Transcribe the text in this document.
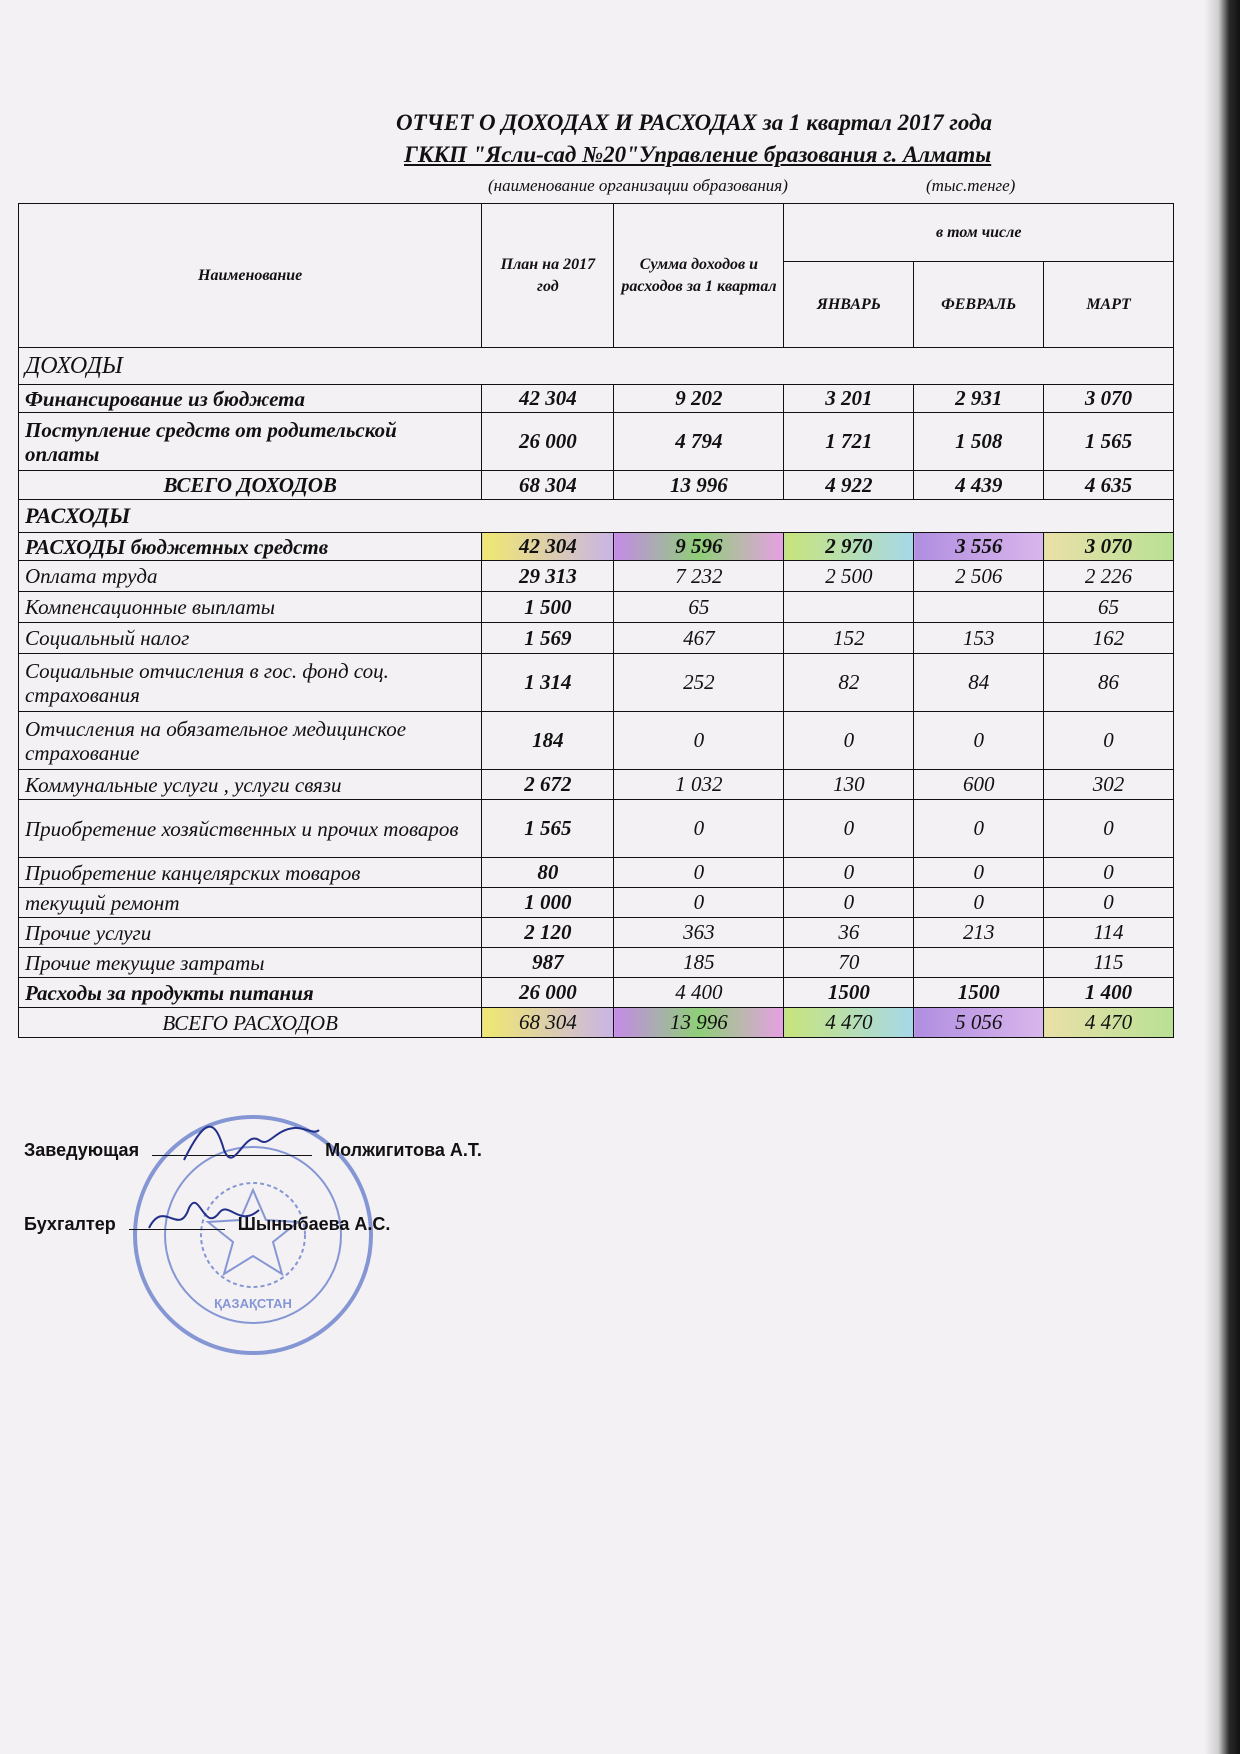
ОТЧЕТ О ДОХОДАХ И РАСХОДАХ за 1 квартал 2017 года
ГККП "Ясли-сад №20"Управление бразования г. Алматы
(наименование организации образования)	(тыс.тенге)
Наименование	План на 2017 год	Сумма доходов и расходов за 1 квартал	в том числе		
			ЯНВАРЬ	ФЕВРАЛЬ	МАРТ
ДОХОДЫ					
Финансирование из бюджета	42 304	9 202	3 201	2 931	3 070
Поступление средств от родительской оплаты	26 000	4 794	1 721	1 508	1 565
ВСЕГО ДОХОДОВ	68 304	13 996	4 922	4 439	4 635
РАСХОДЫ					
РАСХОДЫ бюджетных средств	42 304	9 596	2 970	3 556	3 070
Оплата труда	29 313	7 232	2 500	2 506	2 226
Компенсационные выплаты	1 500	65			65
Социальный налог	1 569	467	152	153	162
Социальные отчисления в гос. фонд соц. страхования	1 314	252	82	84	86
Отчисления на обязательное медицинское страхование	184	0	0	0	0
Коммунальные услуги , услуги связи	2 672	1 032	130	600	302
Приобретение хозяйственных и прочих товаров	1 565	0	0	0	0
Приобретение канцелярских товаров	80	0	0	0	0
текущий ремонт	1 000	0	0	0	0
Прочие услуги	2 120	363	36	213	114
Прочие текущие затраты	987	185	70		115
Расходы за продукты питания	26 000	4 400	1500	1500	1 400
ВСЕГО РАСХОДОВ	68 304	13 996	4 470	5 056	4 470
ҚАЗАҚСТАН
Заведующая	Молжигитова А.Т.
Бухгалтер	Шыныбаева А.С.
